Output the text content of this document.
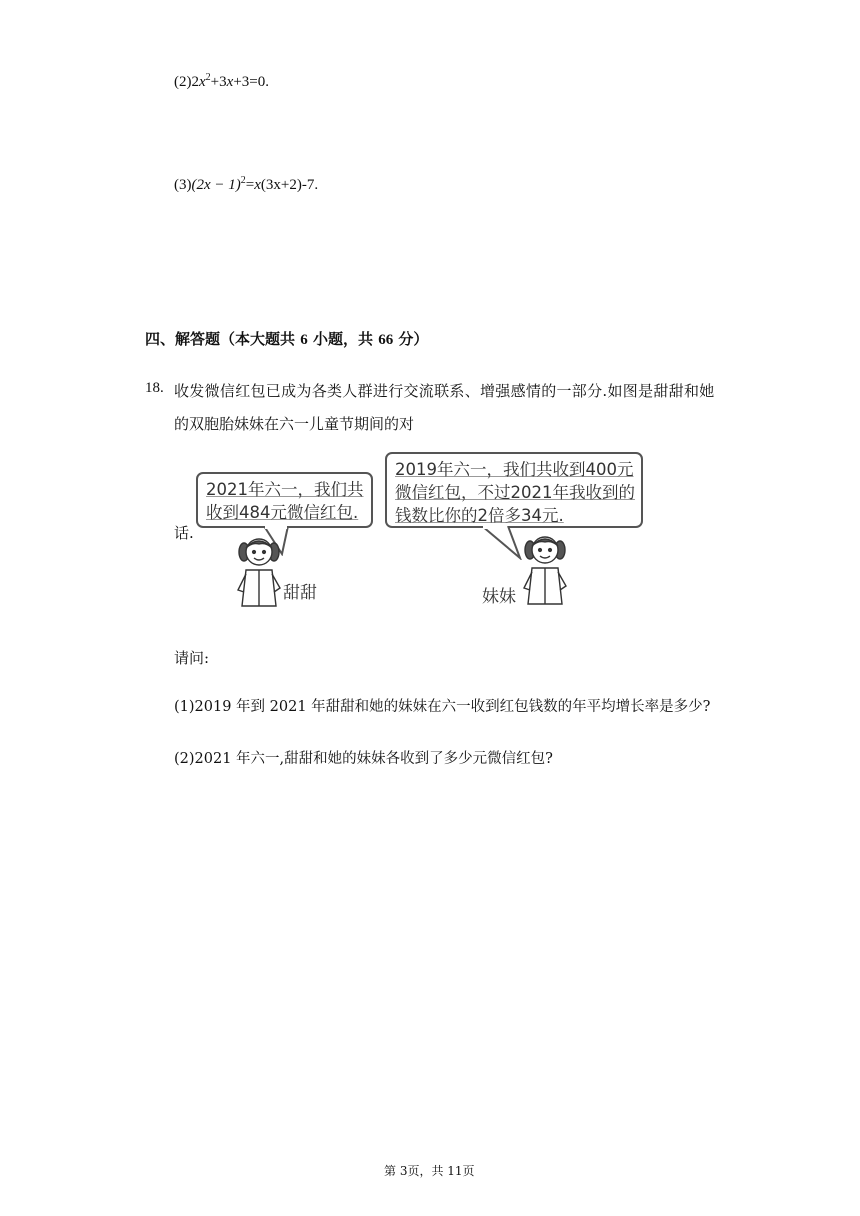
$(2)2x^2+3x+3=0$.
$(3)(2x - 1)^2=x(3x+2)-7$.
四、解答题（本大题共 6 小题，共 66 分）
18. 收发微信红包已成为各类人群进行交流联系、增强感情的一部分.如图是甜甜和她
的双胞胎妹妹在六一儿童节期间的对
话.
2021年六一，我们共
收到484元微信红包.
2019年六一，我们共收到400元
微信红包，不过2021年我收到的
钱数比你的2倍多34元.
甜甜	妹妹
请问:
(1)2019 年到 2021 年甜甜和她的妹妹在六一收到红包钱数的年平均增长率是多少?
(2)2021 年六一,甜甜和她的妹妹各收到了多少元微信红包?
第 3页，共 11页
